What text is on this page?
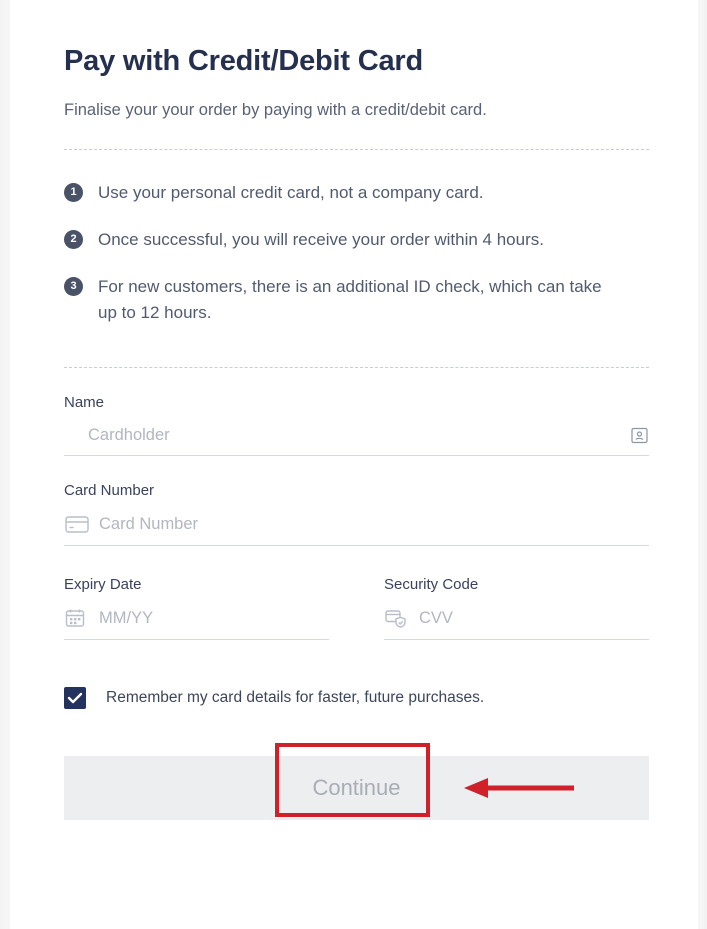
Pay with Credit/Debit Card

Finalise your your order by paying with a credit/debit card.

1	Use your personal credit card, not a company card.
2	Once successful, you will receive your order within 4 hours.
3	For new customers, there is an additional ID check, which can take up to 12 hours.
Name
Cardholder
Card Number
Card Number
Expiry Date
MM/YY
Security Code
CVV
Remember my card details for faster, future purchases.
Continue
